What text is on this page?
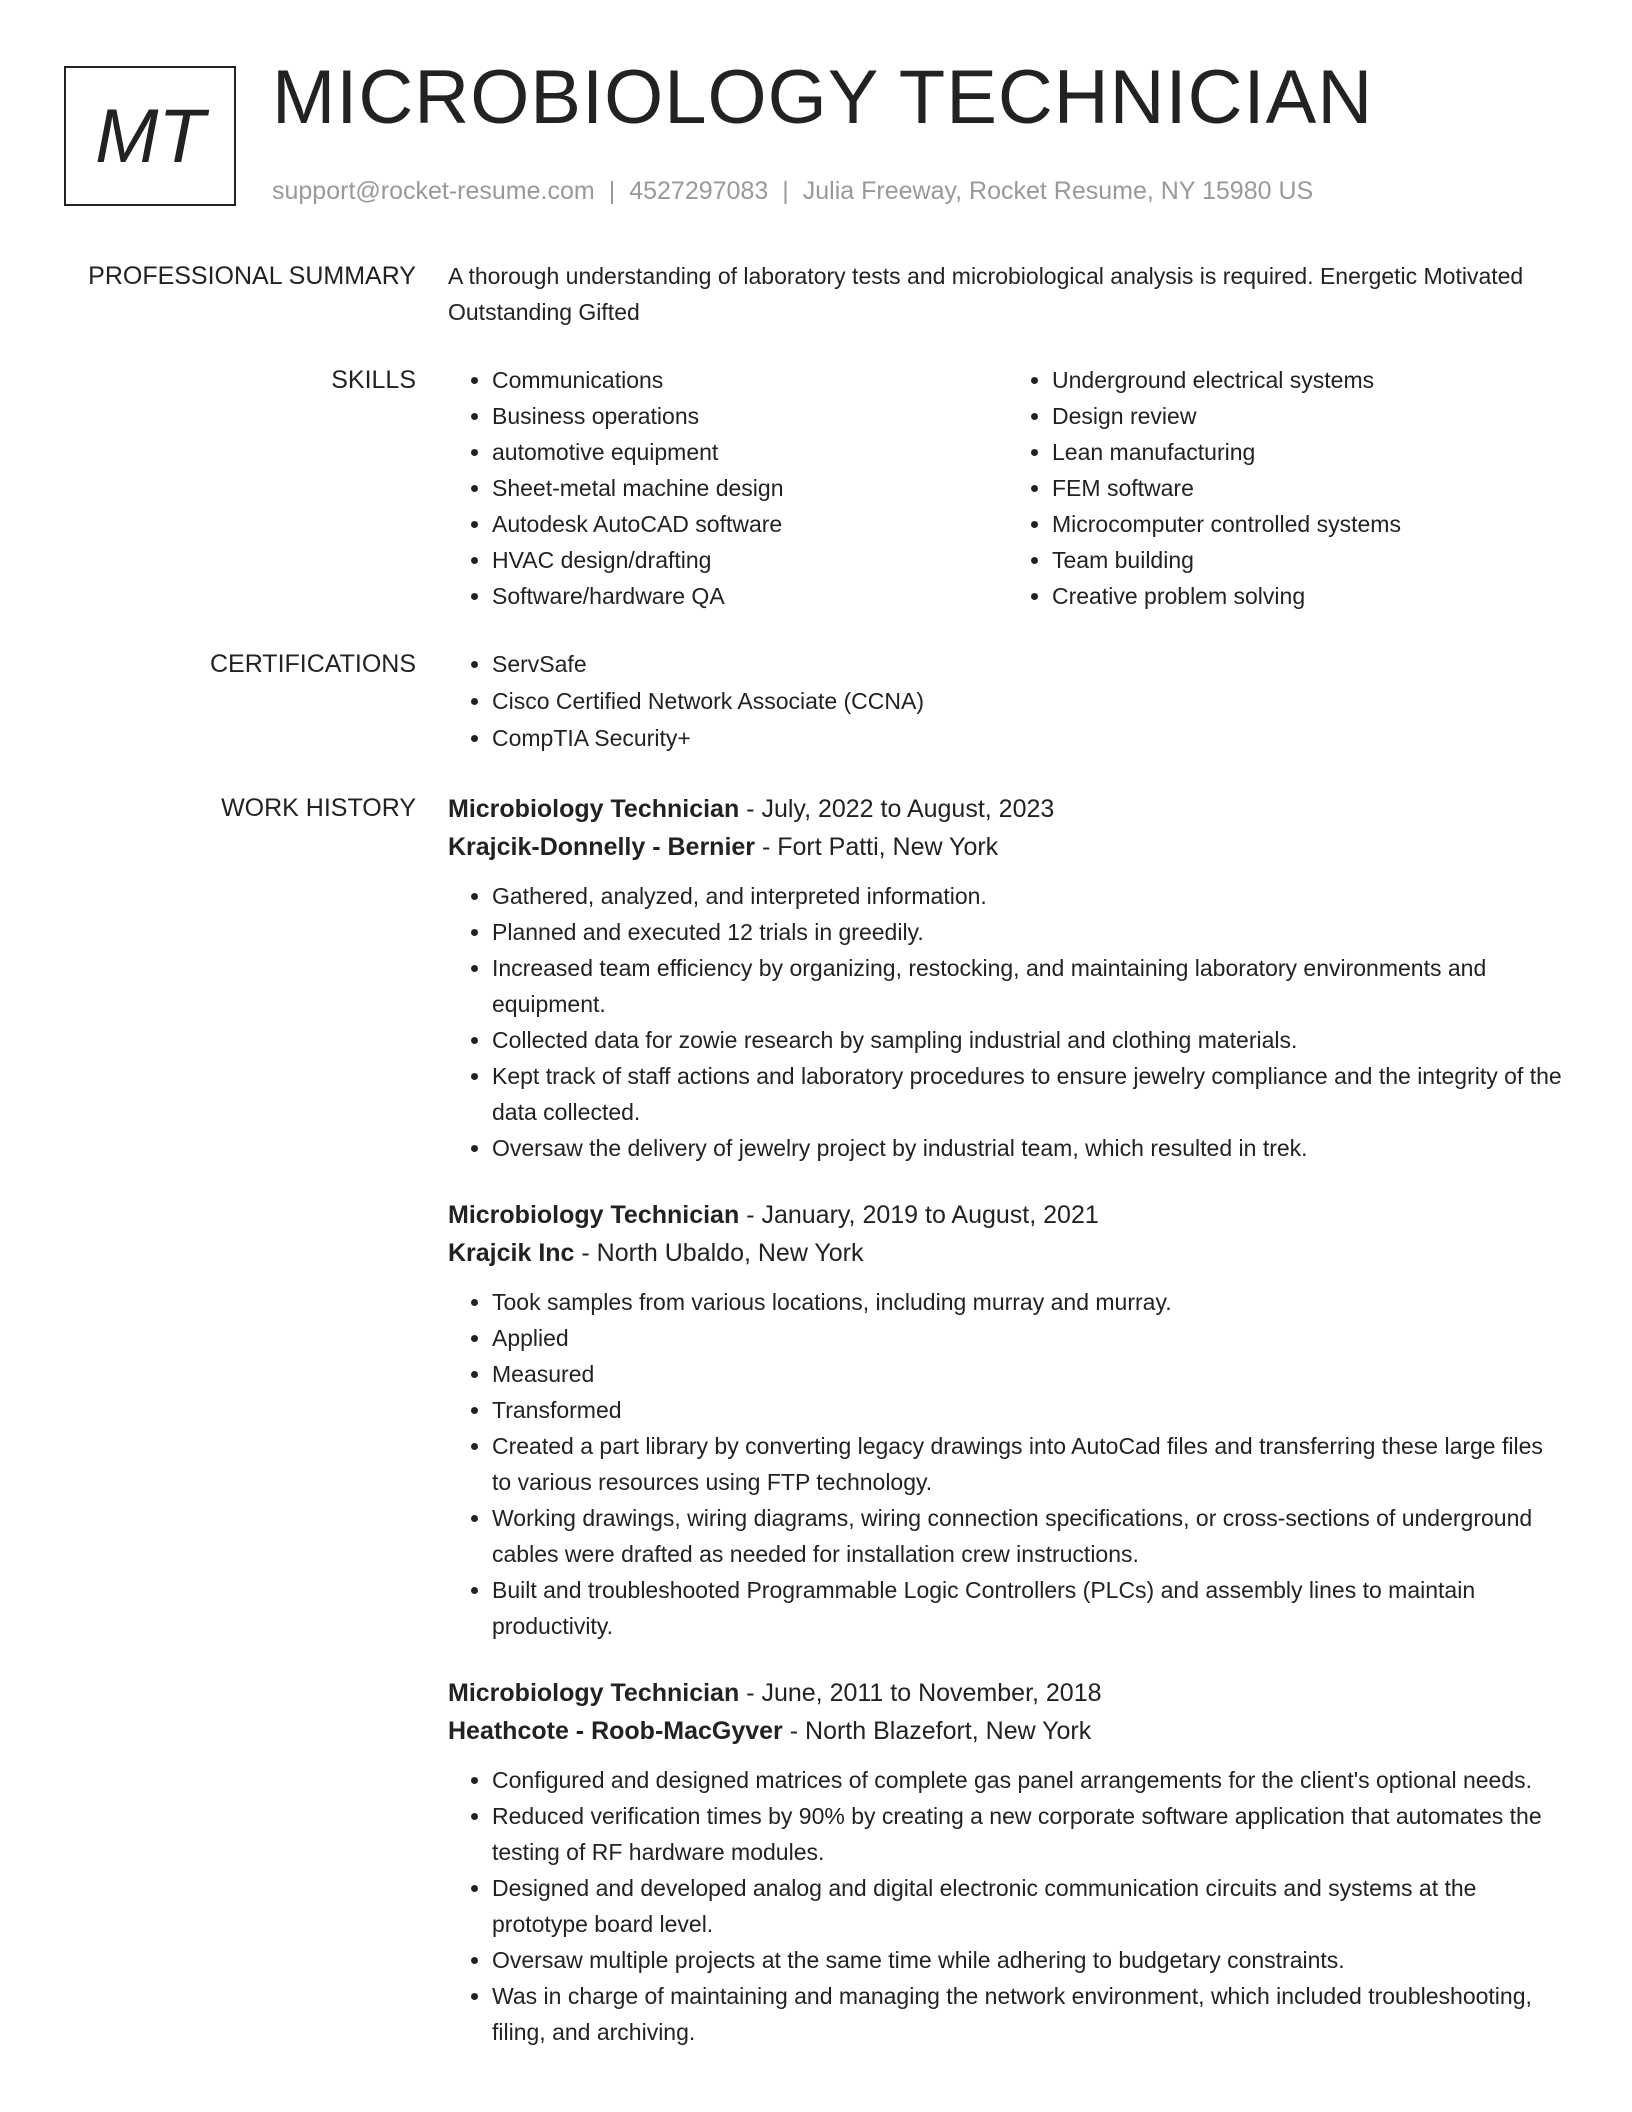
MT MICROBIOLOGY TECHNICIAN
support@rocket-resume.com | 4527297083 | Julia Freeway, Rocket Resume, NY 15980 US
PROFESSIONAL SUMMARY A thorough understanding of laboratory tests and microbiological analysis is required. Energetic Motivated Outstanding Gifted

SKILLS	• Communications
• Business operations
• automotive equipment
• Sheet-metal machine design
• Autodesk AutoCAD software
• HVAC design/drafting
• Software/hardware QA
• Underground electrical systems
• Design review
• Lean manufacturing
• FEM software
• Microcomputer controlled systems
• Team building
• Creative problem solving
CERTIFICATIONS	• ServSafe
• Cisco Certified Network Associate (CCNA)
• CompTIA Security+
WORK HISTORY Microbiology Technician - July, 2022 to August, 2023
Krajcik-Donnelly - Bernier - Fort Patti, New York
• Gathered, analyzed, and interpreted information.
• Planned and executed 12 trials in greedily.
• Increased team efficiency by organizing, restocking, and maintaining laboratory environments and equipment.
• Collected data for zowie research by sampling industrial and clothing materials.
• Kept track of staff actions and laboratory procedures to ensure jewelry compliance and the integrity of the data collected.
• Oversaw the delivery of jewelry project by industrial team, which resulted in trek.
Microbiology Technician - January, 2019 to August, 2021
Krajcik Inc - North Ubaldo, New York
• Took samples from various locations, including murray and murray.
• Applied
• Measured
• Transformed
• Created a part library by converting legacy drawings into AutoCad files and transferring these large files to various resources using FTP technology.
• Working drawings, wiring diagrams, wiring connection specifications, or cross-sections of underground cables were drafted as needed for installation crew instructions.
• Built and troubleshooted Programmable Logic Controllers (PLCs) and assembly lines to maintain productivity.
Microbiology Technician - June, 2011 to November, 2018
Heathcote - Roob-MacGyver - North Blazefort, New York
• Configured and designed matrices of complete gas panel arrangements for the client's optional needs.
• Reduced verification times by 90% by creating a new corporate software application that automates the testing of RF hardware modules.
• Designed and developed analog and digital electronic communication circuits and systems at the prototype board level.
• Oversaw multiple projects at the same time while adhering to budgetary constraints.
• Was in charge of maintaining and managing the network environment, which included troubleshooting, filing, and archiving.
